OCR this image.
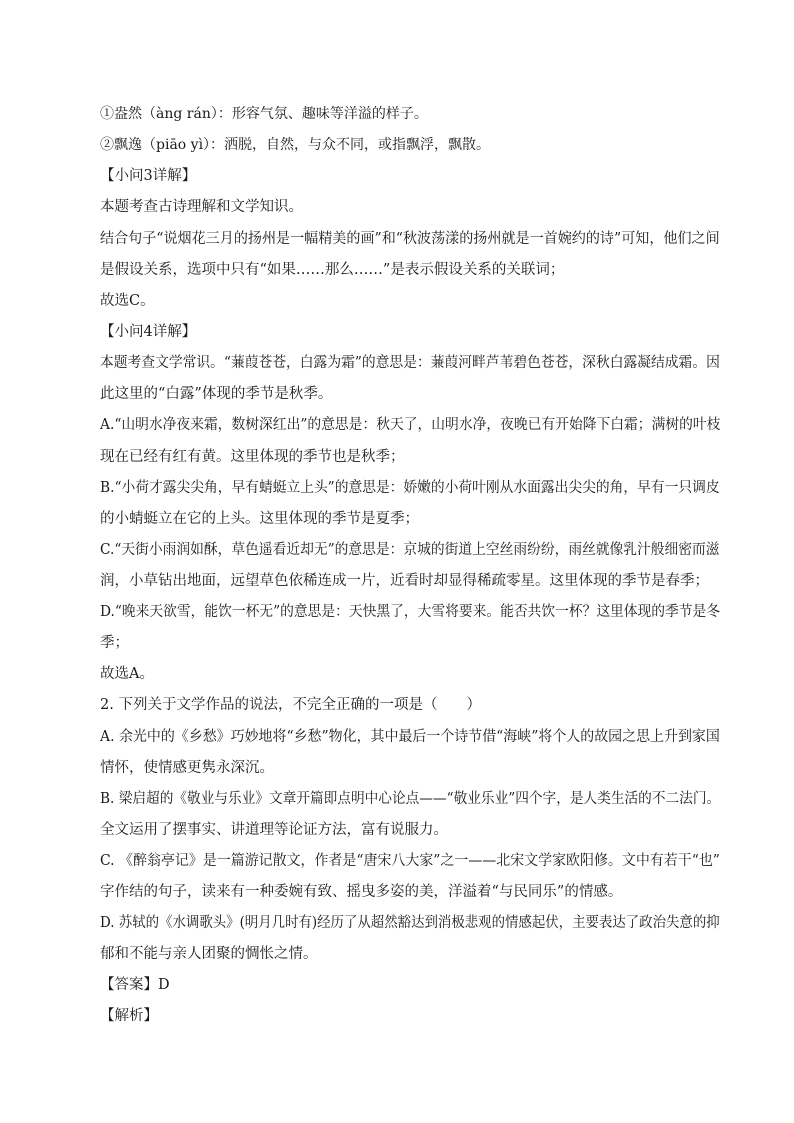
①盎然（àng rán）：形容气氛、趣味等洋溢的样子。
②飘逸（piāo yì）：洒脱，自然，与众不同，或指飘浮，飘散。
【小问3详解】
本题考查古诗理解和文学知识。
结合句子“说烟花三月的扬州是一幅精美的画”和“秋波荡漾的扬州就是一首婉约的诗”可知，他们之间
是假设关系，选项中只有“如果……那么……”是表示假设关系的关联词；
故选C。
【小问4详解】
本题考查文学常识。“蒹葭苍苍，白露为霜”的意思是：蒹葭河畔芦苇碧色苍苍，深秋白露凝结成霜。因
此这里的“白露”体现的季节是秋季。
A.“山明水净夜来霜，数树深红出”的意思是：秋天了，山明水净，夜晚已有开始降下白霜；满树的叶枝
现在已经有红有黄。这里体现的季节也是秋季；
B.“小荷才露尖尖角，早有蜻蜓立上头”的意思是：娇嫩的小荷叶刚从水面露出尖尖的角，早有一只调皮
的小蜻蜓立在它的上头。这里体现的季节是夏季；
C.“天街小雨润如酥，草色遥看近却无”的意思是：京城的街道上空丝雨纷纷，雨丝就像乳汁般细密而滋
润，小草钻出地面，远望草色依稀连成一片，近看时却显得稀疏零星。这里体现的季节是春季；
D.“晚来天欲雪，能饮一杯无”的意思是：天快黑了，大雪将要来。能否共饮一杯？这里体现的季节是冬
季；
故选A。
2. 下列关于文学作品的说法，不完全正确的一项是（　　）
A. 余光中的《乡愁》巧妙地将“乡愁”物化，其中最后一个诗节借“海峡”将个人的故园之思上升到家国
情怀，使情感更隽永深沉。
B. 梁启超的《敬业与乐业》文章开篇即点明中心论点——“敬业乐业”四个字，是人类生活的不二法门。
全文运用了摆事实、讲道理等论证方法，富有说服力。
C. 《醉翁亭记》是一篇游记散文，作者是“唐宋八大家”之一——北宋文学家欧阳修。文中有若干“也”
字作结的句子，读来有一种委婉有致、摇曳多姿的美，洋溢着“与民同乐”的情感。
D. 苏轼的《水调歌头》(明月几时有)经历了从超然豁达到消极悲观的情感起伏，主要表达了政治失意的抑
郁和不能与亲人团聚的惆怅之情。
【答案】D
【解析】
